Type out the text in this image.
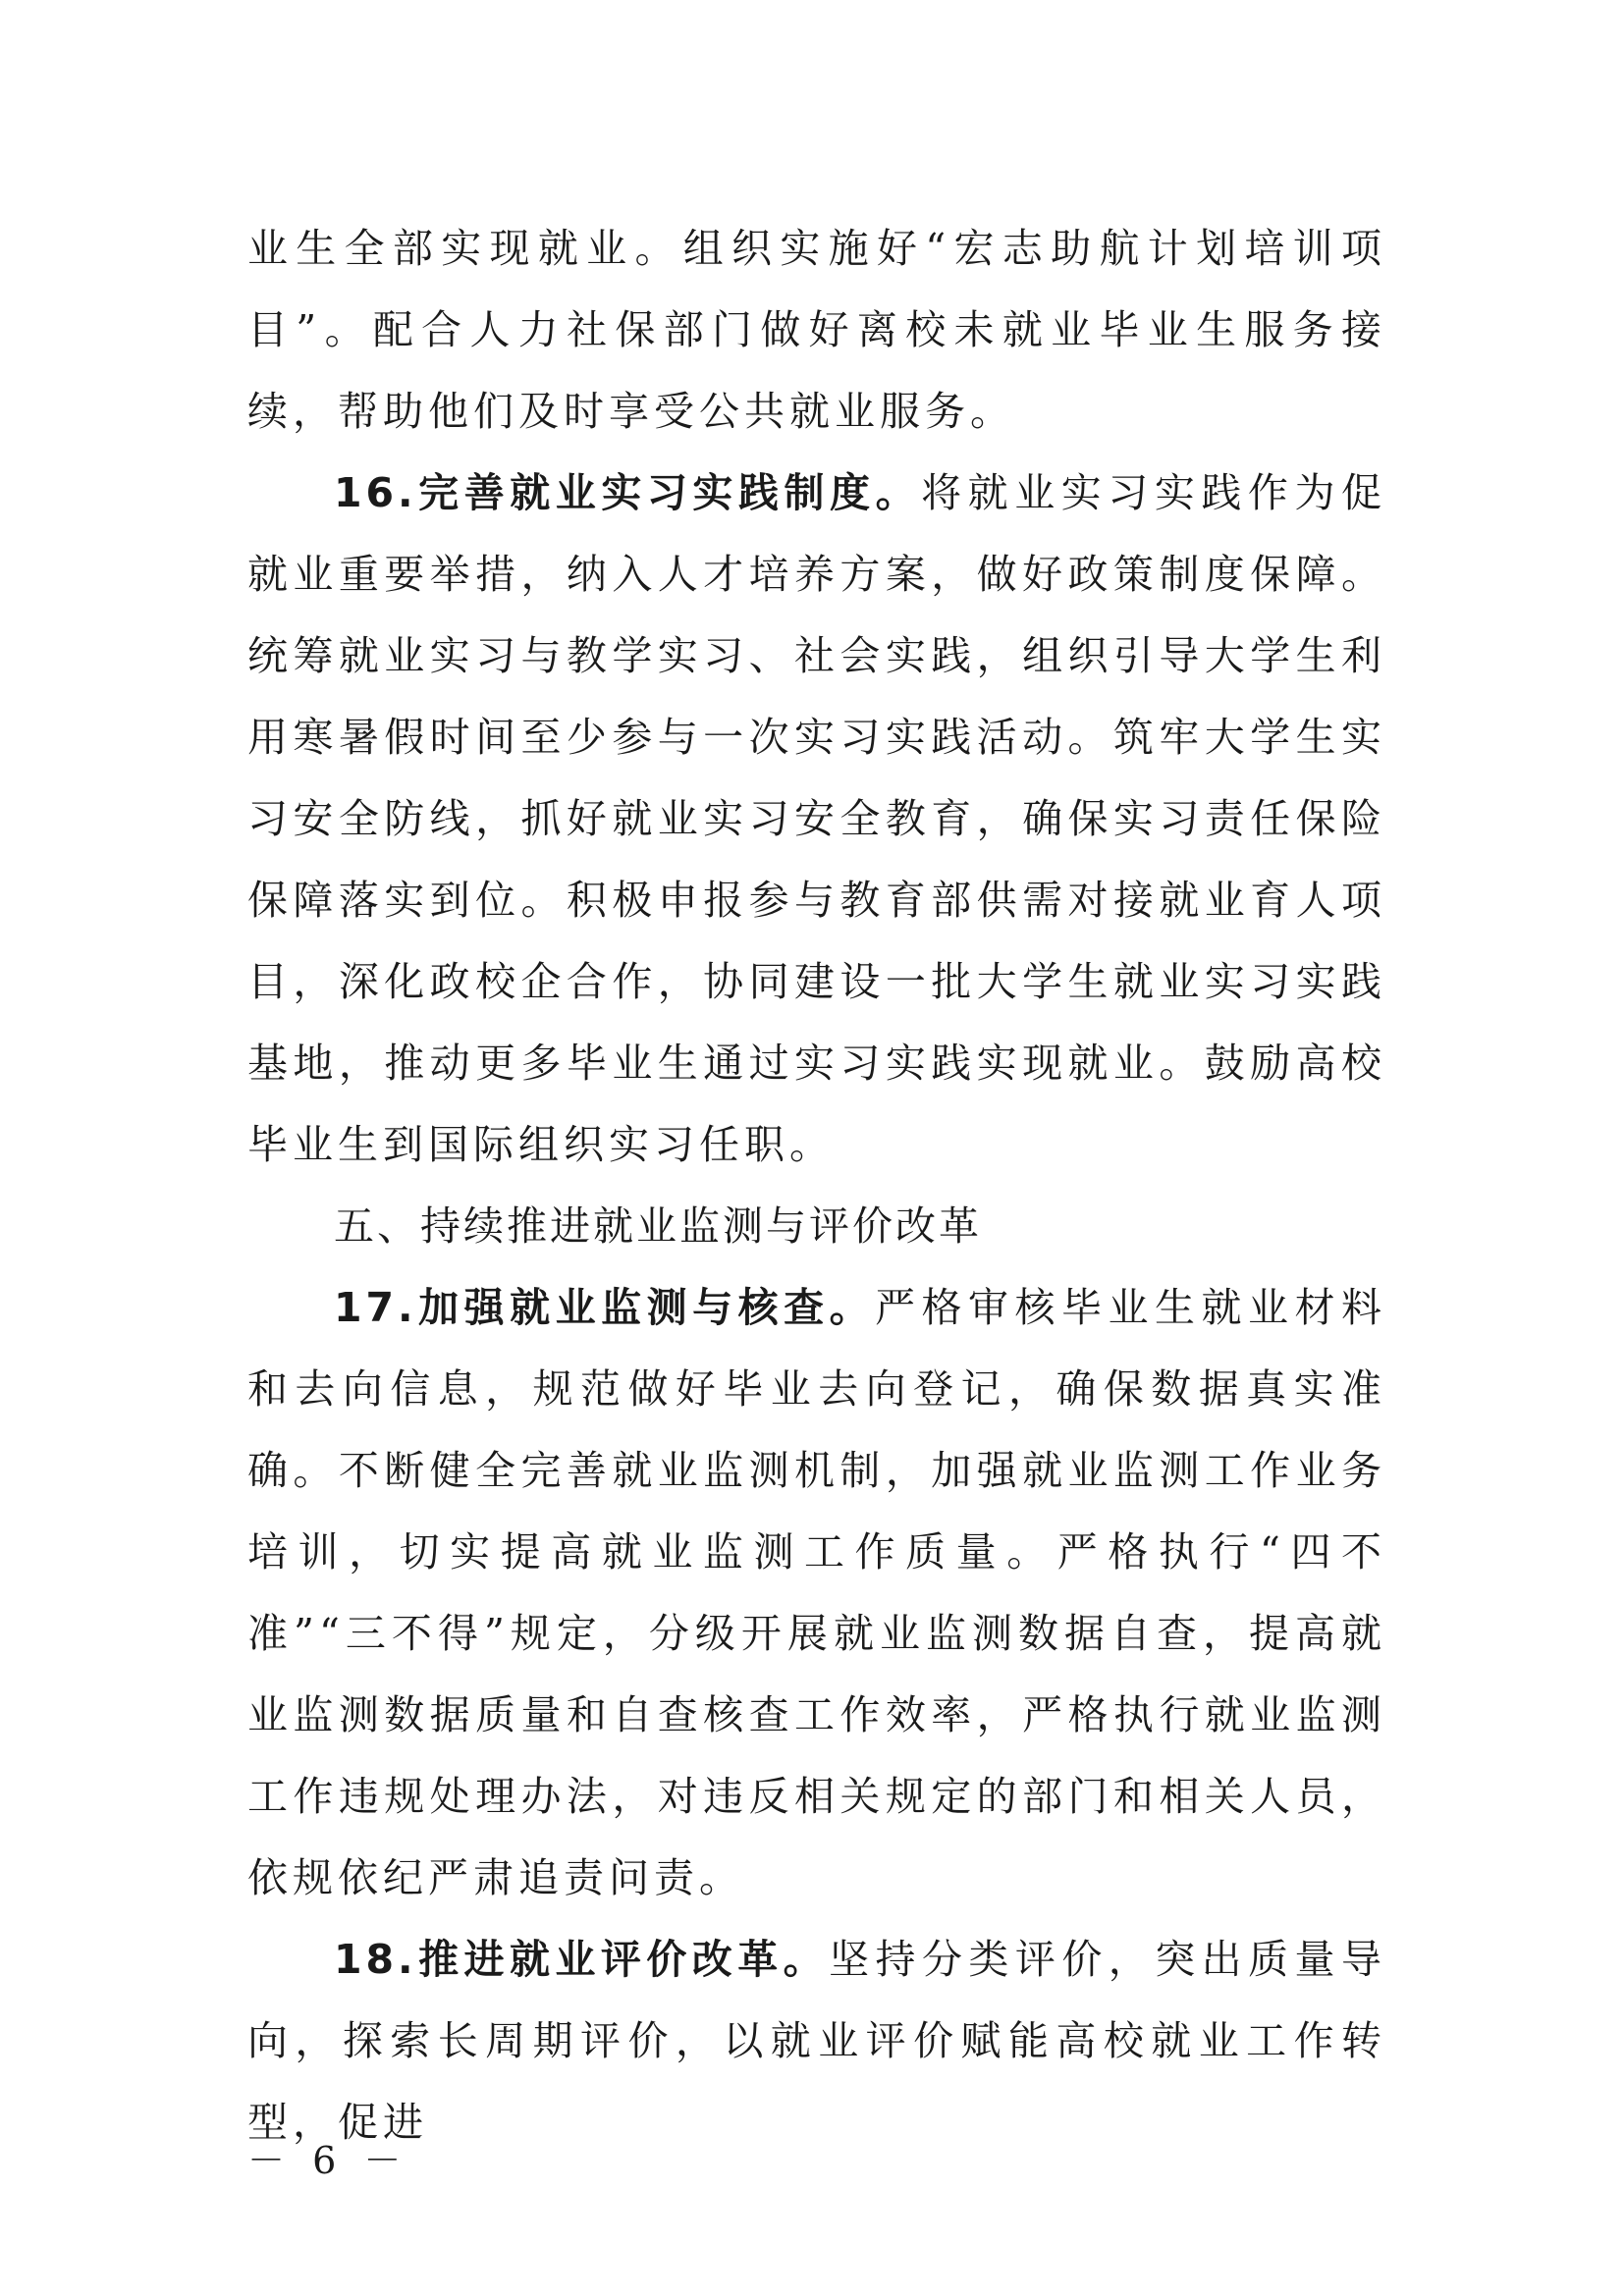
业生全部实现就业。组织实施好“宏志助航计划培训项目”。配合人力社保部门做好离校未就业毕业生服务接续，帮助他们及时享受公共就业服务。

16.完善就业实习实践制度。将就业实习实践作为促就业重要举措，纳入人才培养方案，做好政策制度保障。统筹就业实习与教学实习、社会实践，组织引导大学生利用寒暑假时间至少参与一次实习实践活动。筑牢大学生实习安全防线，抓好就业实习安全教育，确保实习责任保险保障落实到位。积极申报参与教育部供需对接就业育人项目，深化政校企合作，协同建设一批大学生就业实习实践基地，推动更多毕业生通过实习实践实现就业。鼓励高校毕业生到国际组织实习任职。

五、持续推进就业监测与评价改革

17.加强就业监测与核查。严格审核毕业生就业材料和去向信息，规范做好毕业去向登记，确保数据真实准确。不断健全完善就业监测机制，加强就业监测工作业务培训，切实提高就业监测工作质量。严格执行“四不准”“三不得”规定，分级开展就业监测数据自查，提高就业监测数据质量和自查核查工作效率，严格执行就业监测工作违规处理办法，对违反相关规定的部门和相关人员，依规依纪严肃追责问责。

18.推进就业评价改革。坚持分类评价，突出质量导向，探索长周期评价，以就业评价赋能高校就业工作转型，促进

－ 6 －
